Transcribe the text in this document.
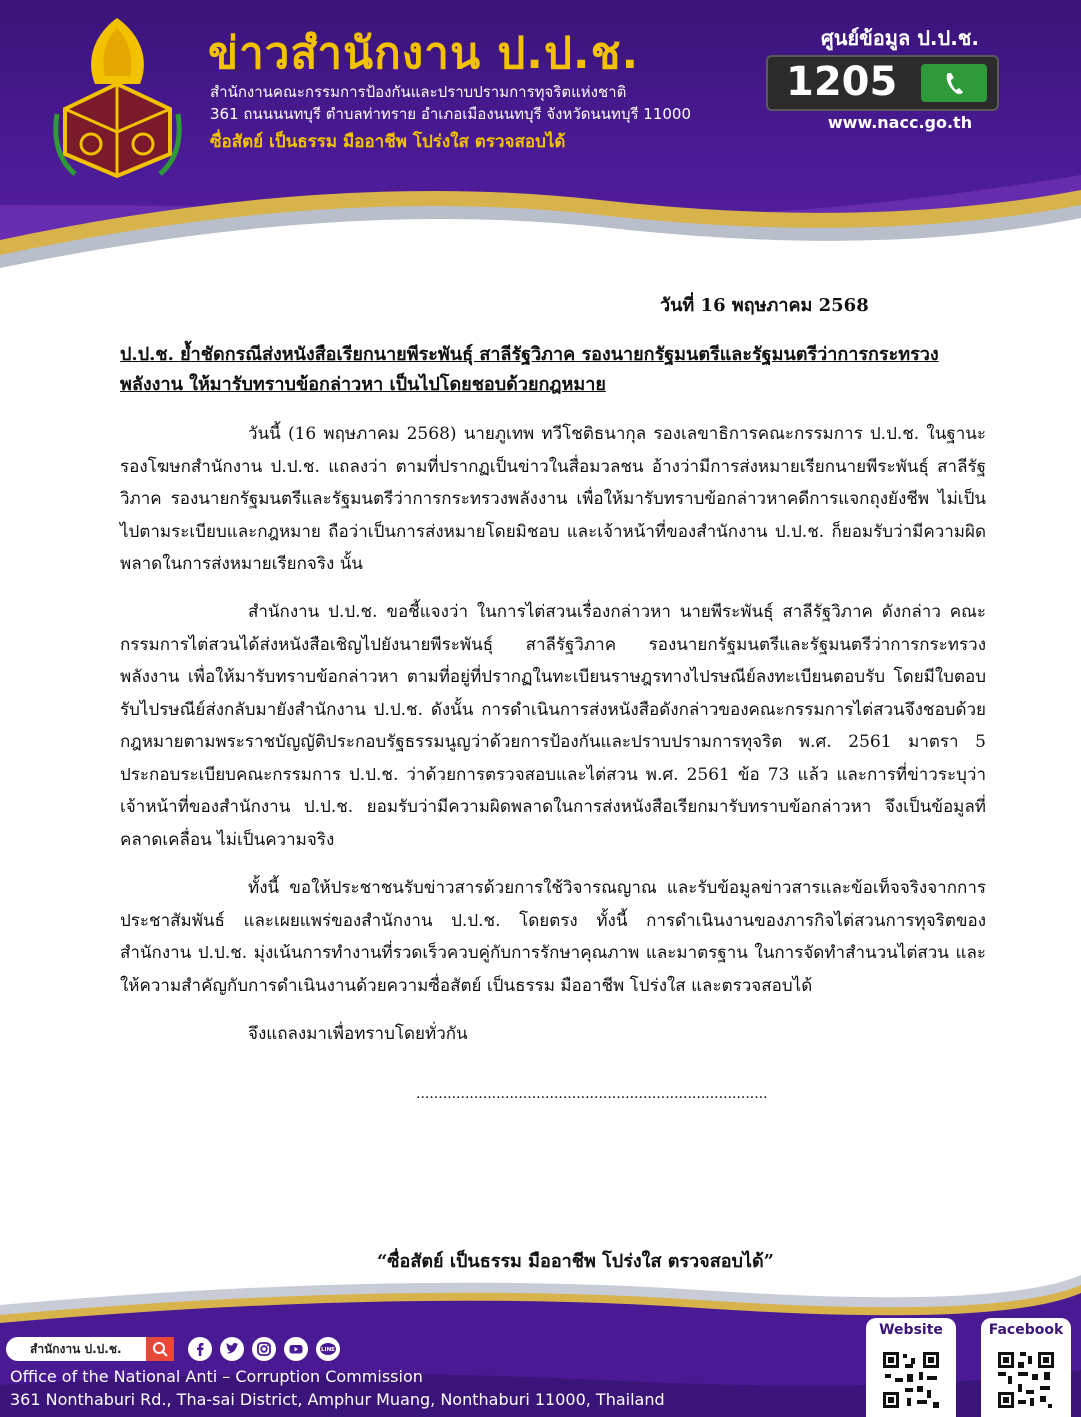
ข่าวสำนักงาน ป.ป.ช.
สำนักงานคณะกรรมการป้องกันและปราบปรามการทุจริตแห่งชาติ
361 ถนนนนทบุรี ตำบลท่าทราย อำเภอเมืองนนทบุรี จังหวัดนนทบุรี 11000
ซื่อสัตย์ เป็นธรรม มืออาชีพ โปร่งใส ตรวจสอบได้
ศูนย์ข้อมูล ป.ป.ช.
1205
www.nacc.go.th
วันที่ 16 พฤษภาคม 2568
ป.ป.ช. ย้ำชัดกรณีส่งหนังสือเรียกนายพีระพันธุ์ สาลีรัฐวิภาค รองนายกรัฐมนตรีและรัฐมนตรีว่าการกระทรวงพลังงาน ให้มารับทราบข้อกล่าวหา เป็นไปโดยชอบด้วยกฎหมาย
วันนี้ (16 พฤษภาคม 2568) นายภูเทพ ทวีโชติธนากุล รองเลขาธิการคณะกรรมการ ป.ป.ช. ในฐานะรองโฆษกสำนักงาน ป.ป.ช. แถลงว่า ตามที่ปรากฏเป็นข่าวในสื่อมวลชน อ้างว่ามีการส่งหมายเรียกนายพีระพันธุ์ สาลีรัฐวิภาค รองนายกรัฐมนตรีและรัฐมนตรีว่าการกระทรวงพลังงาน เพื่อให้มารับทราบข้อกล่าวหาคดีการแจกถุงยังชีพ ไม่เป็นไปตามระเบียบและกฎหมาย ถือว่าเป็นการส่งหมายโดยมิชอบ และเจ้าหน้าที่ของสำนักงาน ป.ป.ช. ก็ยอมรับว่ามีความผิดพลาดในการส่งหมายเรียกจริง นั้น
สำนักงาน ป.ป.ช. ขอชี้แจงว่า ในการไต่สวนเรื่องกล่าวหา นายพีระพันธุ์ สาลีรัฐวิภาค ดังกล่าว คณะกรรมการไต่สวนได้ส่งหนังสือเชิญไปยังนายพีระพันธุ์ สาลีรัฐวิภาค รองนายกรัฐมนตรีและรัฐมนตรีว่าการกระทรวงพลังงาน เพื่อให้มารับทราบข้อกล่าวหา ตามที่อยู่ที่ปรากฏในทะเบียนราษฎรทางไปรษณีย์ลงทะเบียนตอบรับ โดยมีใบตอบรับไปรษณีย์ส่งกลับมายังสำนักงาน ป.ป.ช. ดังนั้น การดำเนินการส่งหนังสือดังกล่าวของคณะกรรมการไต่สวนจึงชอบด้วยกฎหมายตามพระราชบัญญัติประกอบรัฐธรรมนูญว่าด้วยการป้องกันและปราบปรามการทุจริต พ.ศ. 2561 มาตรา 5 ประกอบระเบียบคณะกรรมการ ป.ป.ช. ว่าด้วยการตรวจสอบและไต่สวน พ.ศ. 2561 ข้อ 73 แล้ว และการที่ข่าวระบุว่าเจ้าหน้าที่ของสำนักงาน ป.ป.ช. ยอมรับว่ามีความผิดพลาดในการส่งหนังสือเรียกมารับทราบข้อกล่าวหา จึงเป็นข้อมูลที่คลาดเคลื่อน ไม่เป็นความจริง
ทั้งนี้ ขอให้ประชาชนรับข่าวสารด้วยการใช้วิจารณญาณ และรับข้อมูลข่าวสารและข้อเท็จจริงจากการประชาสัมพันธ์ และเผยแพร่ของสำนักงาน ป.ป.ช. โดยตรง ทั้งนี้ การดำเนินงานของภารกิจไต่สวนการทุจริตของสำนักงาน ป.ป.ช. มุ่งเน้นการทำงานที่รวดเร็วควบคู่กับการรักษาคุณภาพ และมาตรฐาน ในการจัดทำสำนวนไต่สวน และให้ความสำคัญกับการดำเนินงานด้วยความซื่อสัตย์ เป็นธรรม มืออาชีพ โปร่งใส และตรวจสอบได้
จึงแถลงมาเพื่อทราบโดยทั่วกัน
...............................................................................
“ซื่อสัตย์ เป็นธรรม มืออาชีพ โปร่งใส ตรวจสอบได้”
สำนักงาน ป.ป.ช.	LINE
Office of the National Anti – Corruption Commission
361 Nonthaburi Rd., Tha-sai District, Amphur Muang, Nonthaburi 11000, Thailand
Website	Facebook
